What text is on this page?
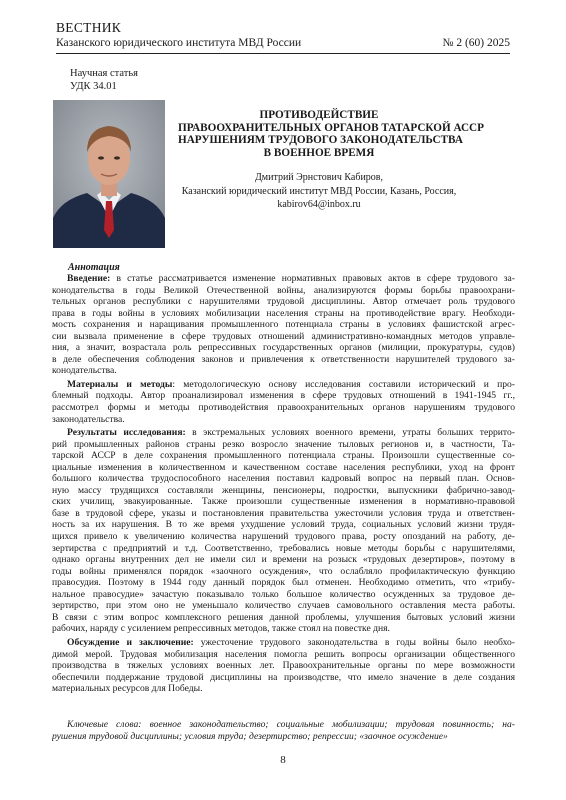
ВЕСТНИК
Казанского юридического института МВД России	№ 2 (60) 2025
Научная статья
УДК 34.01
ПРОТИВОДЕЙСТВИЕ
ПРАВООХРАНИТЕЛЬНЫХ ОРГАНОВ ТАТАРСКОЙ АССР
НАРУШЕНИЯМ ТРУДОВОГО ЗАКОНОДАТЕЛЬСТВА
В ВОЕННОЕ ВРЕМЯ
Дмитрий Эрнстович Кабиров,
Казанский юридический институт МВД России, Казань, Россия,
kabirov64@inbox.ru
Аннотация
Введение: в статье рассматривается изменение нормативных правовых актов в сфере трудового за-
конодательства в годы Великой Отечественной войны, анализируются формы борьбы правоохрани-
тельных органов республики с нарушителями трудовой дисциплины. Автор отмечает роль трудового
права в годы войны в условиях мобилизации населения страны на противодействие врагу. Необходи-
мость сохранения и наращивания промышленного потенциала страны в условиях фашистской агрес-
сии вызвала применение в сфере трудовых отношений административно-командных методов управле-
ния, а значит, возрастала роль репрессивных государственных органов (милиции, прокуратуры, судов)
в деле обеспечения соблюдения законов и привлечения к ответственности нарушителей трудового за-
конодательства.
Материалы и методы: методологическую основу исследования составили исторический и про-
блемный подходы. Автор проанализировал изменения в сфере трудовых отношений в 1941-1945 гг.,
рассмотрел формы и методы противодействия правоохранительных органов нарушениям трудового
законодательства.
Результаты исследования: в экстремальных условиях военного времени, утраты больших террито-
рий промышленных районов страны резко возросло значение тыловых регионов и, в частности, Та-
тарской АССР в деле сохранения промышленного потенциала страны. Произошли существенные со-
циальные изменения в количественном и качественном составе населения республики, уход на фронт
большого количества трудоспособного населения поставил кадровый вопрос на первый план. Основ-
ную массу трудящихся составляли женщины, пенсионеры, подростки, выпускники фабрично-завод-
ских училищ, эвакуированные. Также произошли существенные изменения в нормативно-правовой
базе в трудовой сфере, указы и постановления правительства ужесточили условия труда и ответствен-
ность за их нарушения. В то же время ухудшение условий труда, социальных условий жизни трудя-
щихся привело к увеличению количества нарушений трудового права, росту опозданий на работу, де-
зертирства с предприятий и т.д. Соответственно, требовались новые методы борьбы с нарушителями,
однако органы внутренних дел не имели сил и времени на розыск «трудовых дезертиров», поэтому в
годы войны применялся порядок «заочного осуждения», что ослабляло профилактическую функцию
правосудия. Поэтому в 1944 году данный порядок был отменен. Необходимо отметить, что «трибу-
нальное правосудие» зачастую показывало только большое количество осужденных за трудовое де-
зертирство, при этом оно не уменьшало количество случаев самовольного оставления места работы.
В связи с этим вопрос комплексного решения данной проблемы, улучшения бытовых условий жизни
рабочих, наряду с усилением репрессивных методов, также стоял на повестке дня.
Обсуждение и заключение: ужесточение трудового законодательства в годы войны было необхо-
димой мерой. Трудовая мобилизация населения помогла решить вопросы организации общественного
производства в тяжелых условиях военных лет. Правоохранительные органы по мере возможности
обеспечили поддержание трудовой дисциплины на производстве, что имело значение в деле создания
материальных ресурсов для Победы.
Ключевые слова: военное законодательство; социальные мобилизации; трудовая повинность; на-
рушения трудовой дисциплины; условия труда; дезертирство; репрессии; «заочное осуждение»
8
